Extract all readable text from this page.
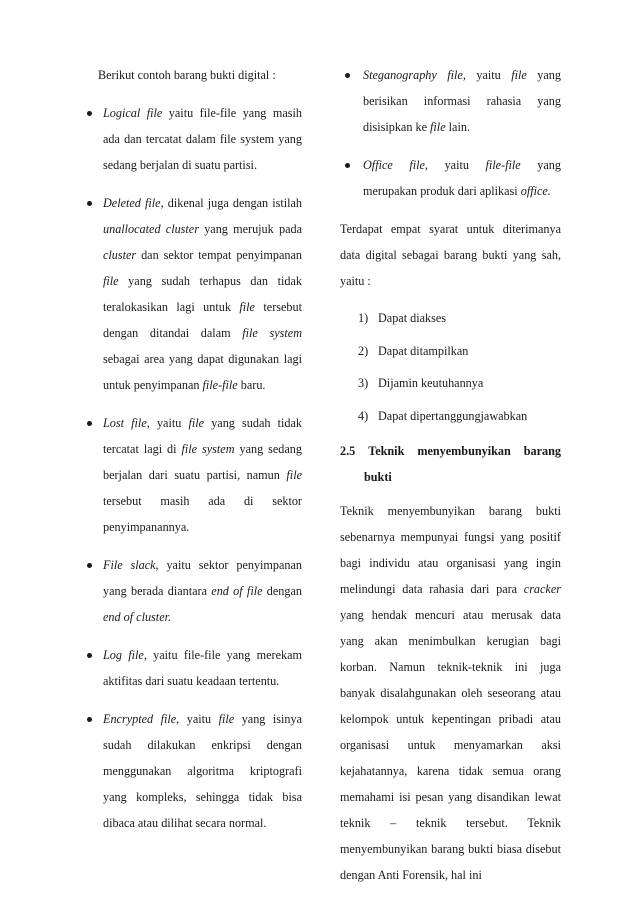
Berikut contoh barang bukti digital :

Logical file yaitu file-file yang masih ada dan tercatat dalam file system yang sedang berjalan di suatu partisi.
Deleted file, dikenal juga dengan istilah unallocated cluster yang merujuk pada cluster dan sektor tempat penyimpanan file yang sudah terhapus dan tidak teralokasikan lagi untuk file tersebut dengan ditandai dalam file system sebagai area yang dapat digunakan lagi untuk penyimpanan file-file baru.
Lost file, yaitu file yang sudah tidak tercatat lagi di file system yang sedang berjalan dari suatu partisi, namun file tersebut masih ada di sektor penyimpanannya.
File slack, yaitu sektor penyimpanan yang berada diantara end of file dengan end of cluster.
Log file, yaitu file-file yang merekam aktifitas dari suatu keadaan tertentu.
Encrypted file, yaitu file yang isinya sudah dilakukan enkripsi dengan menggunakan algoritma kriptografi yang kompleks, sehingga tidak bisa dibaca atau dilihat secara normal.
Steganography file, yaitu file yang berisikan informasi rahasia yang disisipkan ke file lain.
Office file, yaitu file-file yang merupakan produk dari aplikasi office.

Terdapat empat syarat untuk diterimanya data digital sebagai barang bukti yang sah, yaitu :

1) Dapat diakses
2) Dapat ditampilkan
3) Dijamin keutuhannya
4) Dapat dipertanggungjawabkan
2.5 Teknik menyembunyikan barang
bukti

Teknik menyembunyikan barang bukti sebenarnya mempunyai fungsi yang positif bagi individu atau organisasi yang ingin melindungi data rahasia dari para cracker yang hendak mencuri atau merusak data yang akan menimbulkan kerugian bagi korban. Namun teknik-teknik ini juga banyak disalahgunakan oleh seseorang atau kelompok untuk kepentingan pribadi atau organisasi untuk menyamarkan aksi kejahatannya, karena tidak semua orang memahami isi pesan yang disandikan lewat teknik – teknik tersebut. Teknik menyembunyikan barang bukti biasa disebut dengan Anti Forensik, hal ini
